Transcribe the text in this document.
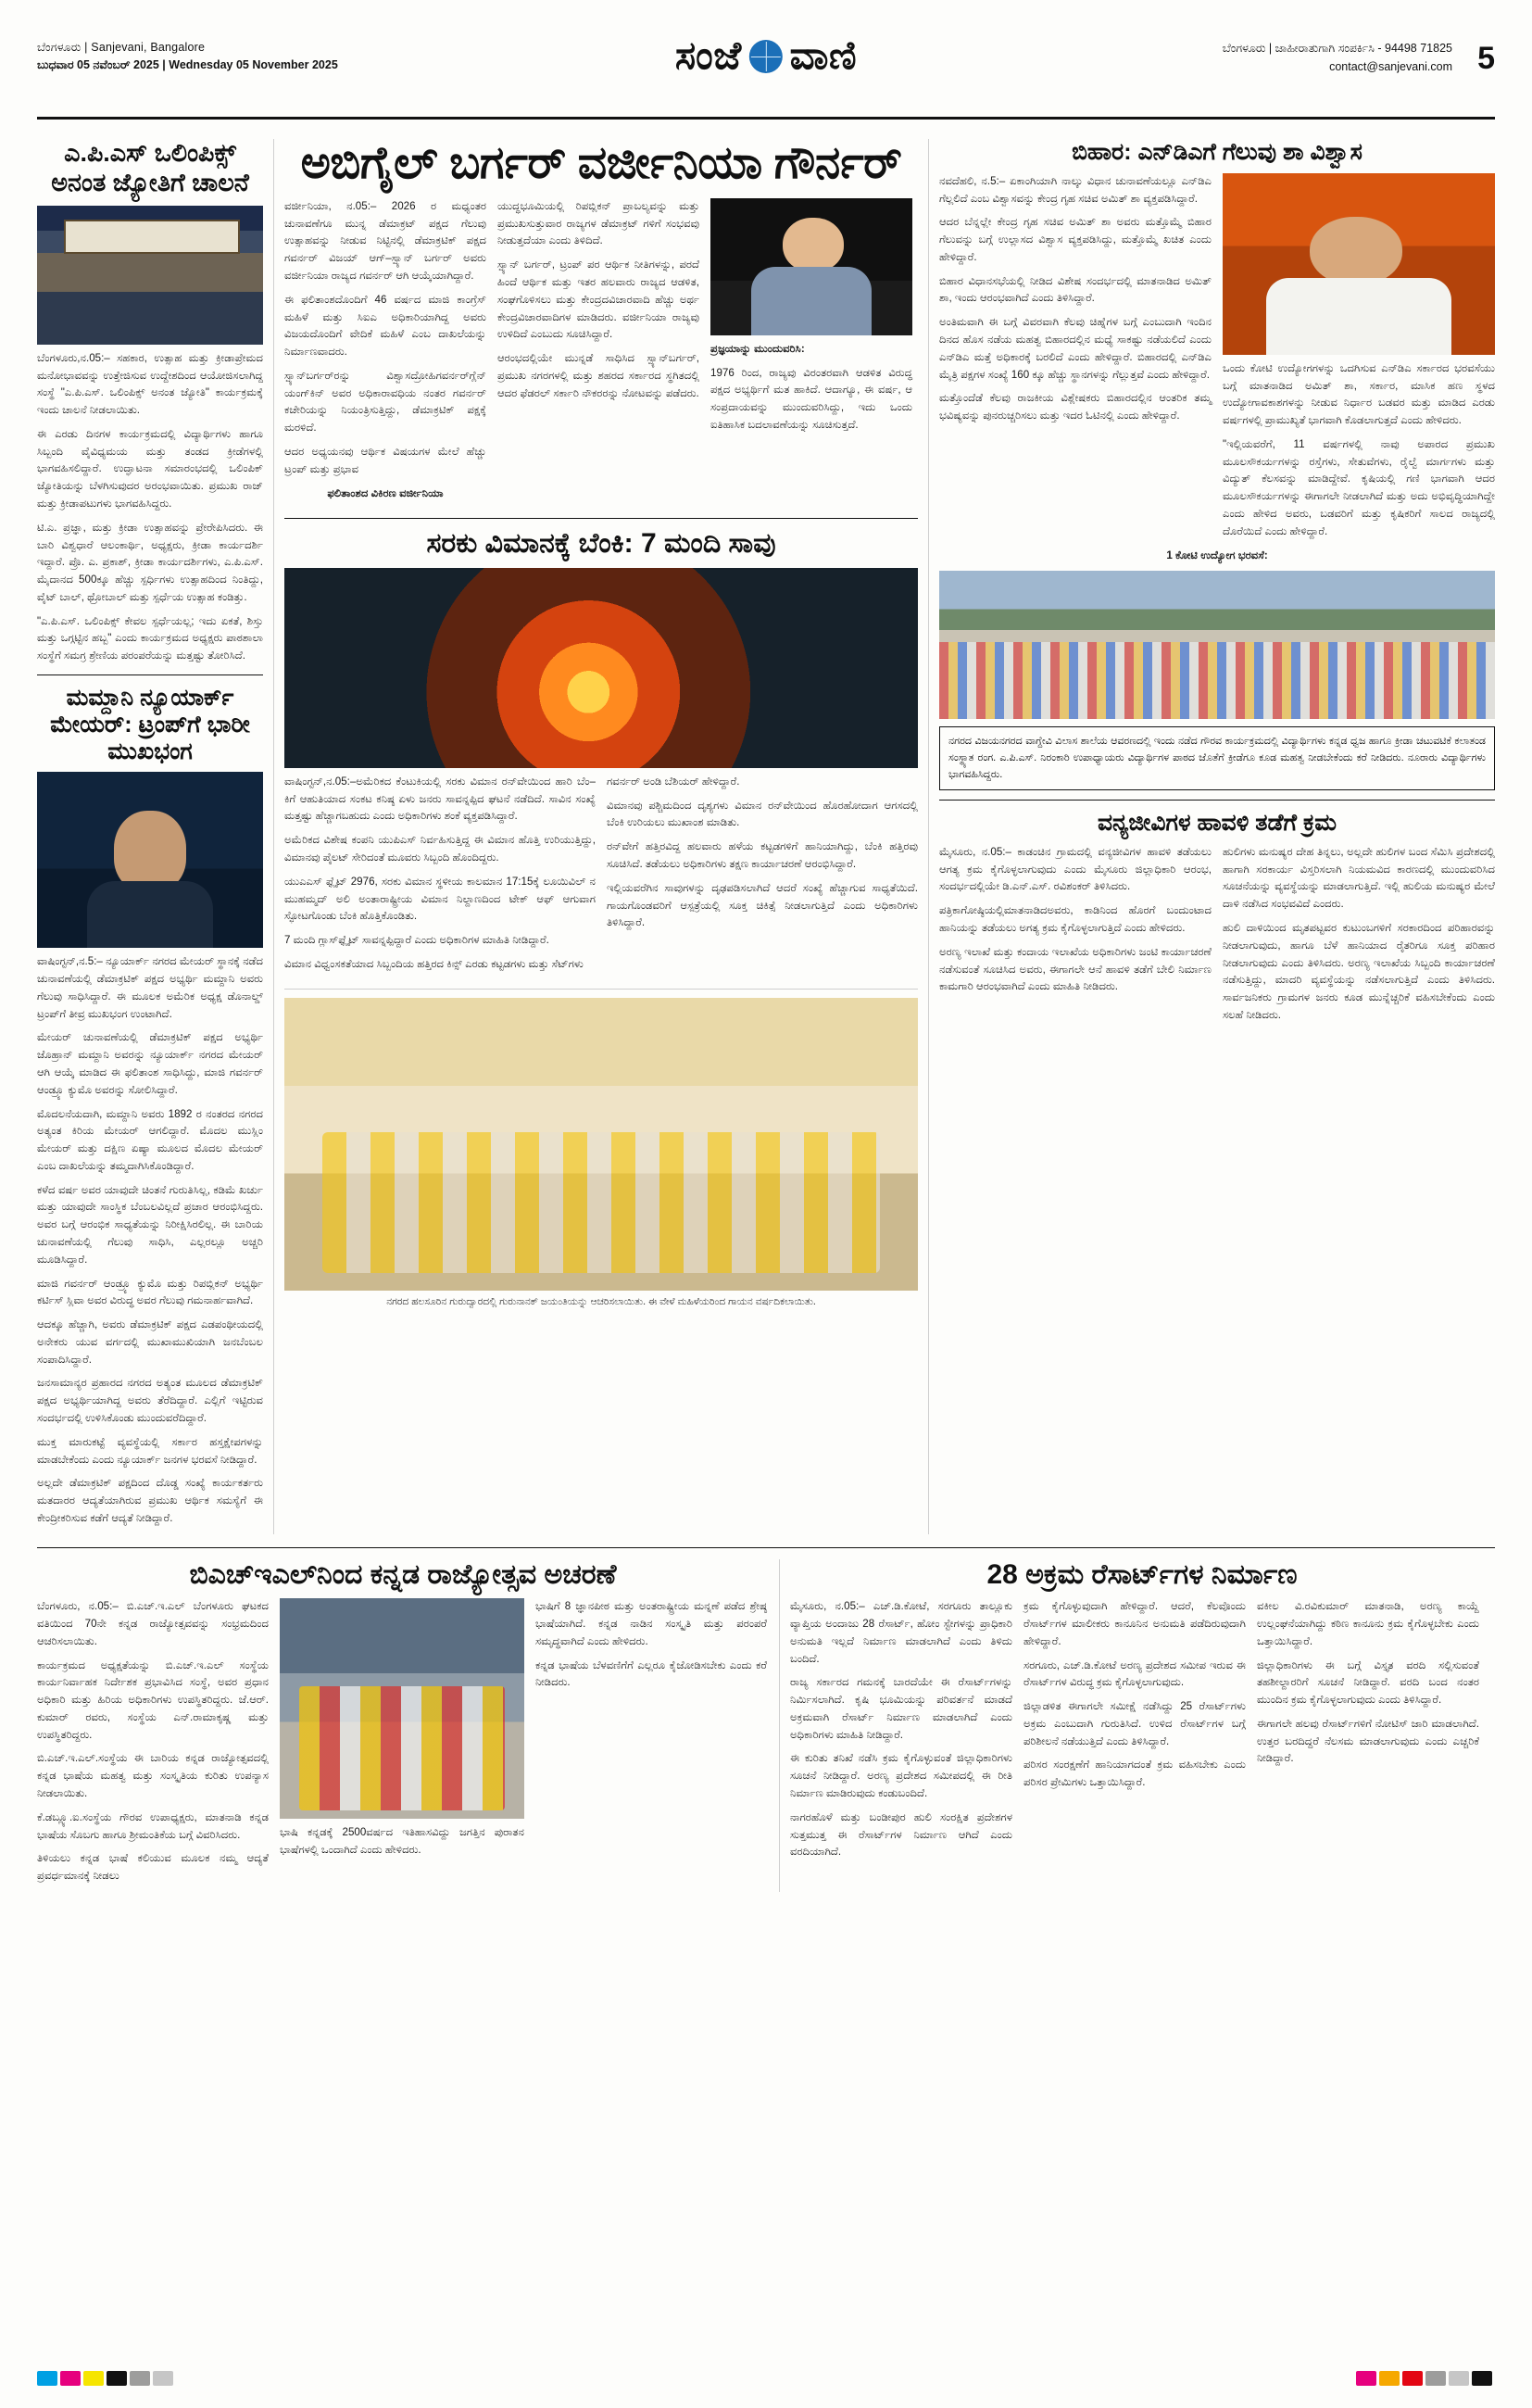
ಬೆಂಗಳೂರು | Sanjevani, Bangalore
ಬುಧವಾರ 05 ನವೆಂಬರ್ 2025 | Wednesday 05 November 2025	ಸಂಜೆ ವಾಣಿ	ಬೆಂಗಳೂರು | ಜಾಹೀರಾತುಗಾಗಿ ಸಂಪರ್ಕಿಸಿ - 94498 71825
contact@sanjevani.com 5
ಎ.ಪಿ.ಎಸ್ ಒಲಿಂಪಿಕ್ಸ್ ಅನಂತ ಜ್ಯೋತಿಗೆ ಚಾಲನೆ

ಬೆಂಗಳೂರು,ನ.05:– ಸಹಕಾರ, ಉತ್ಸಾಹ ಮತ್ತು ಕ್ರೀಡಾಪ್ರೇಮದ ಮನೋಭಾವವನ್ನು ಉತ್ತೇಜಿಸುವ ಉದ್ದೇಶದಿಂದ ಆಯೋಜಿಸಲಾಗಿದ್ದ ಸಂಸ್ಥೆ "ಎ.ಪಿ.ಎಸ್. ಒಲಿಂಪಿಕ್ಸ್ ಅನಂತ ಜ್ಯೋತಿ" ಕಾರ್ಯಕ್ರಮಕ್ಕೆ ಇಂದು ಚಾಲನೆ ನೀಡಲಾಯಿತು.

ಈ ಎರಡು ದಿನಗಳ ಕಾರ್ಯಕ್ರಮದಲ್ಲಿ ವಿದ್ಯಾರ್ಥಿಗಳು ಹಾಗೂ ಸಿಬ್ಬಂದಿ ವೈವಿಧ್ಯಮಯ ಮತ್ತು ತಂಡದ ಕ್ರೀಡೆಗಳಲ್ಲಿ ಭಾಗವಹಿಸಲಿದ್ದಾರೆ. ಉದ್ಘಾಟನಾ ಸಮಾರಂಭದಲ್ಲಿ ಒಲಿಂಪಿಕ್ ಜ್ಯೋತಿಯನ್ನು ಬೆಳಗಿಸುವುದರ ಅರಂಭವಾಯಿತು. ಪ್ರಮುಖ ರಾಜ್ ಮತ್ತು ಕ್ರೀಡಾಪಟುಗಳು ಭಾಗವಹಿಸಿದ್ದರು.

ಟಿ.ಎ. ಪ್ರಜ್ಞಾ, ಮತ್ತು ಕ್ರೀಡಾ ಉತ್ಸಾಹವನ್ನು ಪ್ರೇರೇಪಿಸಿದರು. ಈ ಬಾರಿ ವಿಶ್ವಧಾರೆ ಆಲಂಕಾರ್ಥಿ, ಅಧ್ಯಕ್ಷರು, ಕ್ರೀಡಾ ಕಾರ್ಯದರ್ಶಿ ಇದ್ದಾರೆ. ಪ್ರೊ. ಎ. ಪ್ರಕಾಶ್, ಕ್ರೀಡಾ ಕಾರ್ಯದರ್ಶಿಗಳು, ಎ.ಪಿ.ಎಸ್. ಮೈದಾನದ 500ಕ್ಕೂ ಹೆಚ್ಚು ಸ್ಪರ್ಧಿಗಳು ಉತ್ಸಾಹದಿಂದ ನಿಂತಿದ್ದು, ವೈಟ್ ಬಾಲ್, ಥ್ರೋಬಾಲ್ ಮತ್ತು ಸ್ಪರ್ಧೆಯ ಉತ್ಸಾಹ ಕಂಡಿತ್ತು.

"ಎ.ಪಿ.ಎಸ್. ಒಲಿಂಪಿಕ್ಸ್ ಕೇವಲ ಸ್ಪರ್ಧೆಯಲ್ಲ; ಇದು ಏಕತೆ, ಶಿಸ್ತು ಮತ್ತು ಒಗ್ಗಟ್ಟಿನ ಹಬ್ಬ" ಎಂದು ಕಾರ್ಯಕ್ರಮದ ಅಧ್ಯಕ್ಷರು ಪಾಠಶಾಲಾ ಸಂಸ್ಥೆಗೆ ಸಮಗ್ರ ಶ್ರೇಣಿಯ ಪರಂಪರೆಯನ್ನು ಮತ್ತಷ್ಟು ತೋರಿಸಿದೆ.

ಮಮ್ದಾನಿ ನ್ಯೂಯಾರ್ಕ್ ಮೇಯರ್: ಟ್ರಂಪ್‌ಗೆ ಭಾರೀ ಮುಖಭಂಗ

ವಾಷಿಂಗ್ಟನ್,ನ.5:– ನ್ಯೂಯಾರ್ಕ್ ನಗರದ ಮೇಯರ್ ಸ್ಥಾನಕ್ಕೆ ನಡೆದ ಚುನಾವಣೆಯಲ್ಲಿ ಡೆಮಾಕ್ರಟಿಕ್ ಪಕ್ಷದ ಅಭ್ಯರ್ಥಿ ಮಮ್ದಾನಿ ಅವರು ಗೆಲುವು ಸಾಧಿಸಿದ್ದಾರೆ. ಈ ಮೂಲಕ ಅಮೆರಿಕ ಅಧ್ಯಕ್ಷ ಡೊನಾಲ್ಡ್ ಟ್ರಂಪ್‌ಗೆ ತೀವ್ರ ಮುಖಭಂಗ ಉಂಟಾಗಿದೆ.

ಮೇಯರ್ ಚುನಾವಣೆಯಲ್ಲಿ ಡೆಮಾಕ್ರಟಿಕ್ ಪಕ್ಷದ ಅಭ್ಯರ್ಥಿ ಜೊಹ್ರಾನ್ ಮಮ್ದಾನಿ ಅವರನ್ನು ನ್ಯೂಯಾರ್ಕ್ ನಗರದ ಮೇಯರ್ ಆಗಿ ಆಯ್ಕೆ ಮಾಡಿದ ಈ ಫಲಿತಾಂಶ ಸಾಧಿಸಿದ್ದು, ಮಾಜಿ ಗವರ್ನರ್ ಆಂಡ್ರ್ಯೂ ಕ್ಯುಮೊ ಅವರನ್ನು ಸೋಲಿಸಿದ್ದಾರೆ.

ಮೊದಲನೆಯದಾಗಿ, ಮಮ್ದಾನಿ ಅವರು 1892 ರ ನಂತರದ ನಗರದ ಅತ್ಯಂತ ಕಿರಿಯ ಮೇಯರ್ ಆಗಲಿದ್ದಾರೆ. ಮೊದಲ ಮುಸ್ಲಿಂ ಮೇಯರ್ ಮತ್ತು ದಕ್ಷಿಣ ಏಷ್ಯಾ ಮೂಲದ ಮೊದಲ ಮೇಯರ್ ಎಂಬ ದಾಖಲೆಯನ್ನು ತಮ್ಮದಾಗಿಸಿಕೊಂಡಿದ್ದಾರೆ.

ಕಳೆದ ವರ್ಷ ಅವರ ಯಾವುದೇ ಚಿಂತನೆ ಗುರುತಿಸಿಲ್ಲ, ಕಡಿಮೆ ಖರ್ಚು ಮತ್ತು ಯಾವುದೇ ಸಾಂಸ್ಥಿಕ ಬೆಂಬಲವಿಲ್ಲದೆ ಪ್ರಚಾರ ಆರಂಭಿಸಿದ್ದರು. ಅವರ ಬಗ್ಗೆ ಆರಂಭಿಕ ಸಾಧ್ಯತೆಯನ್ನು ನಿರೀಕ್ಷಿಸಿರಲಿಲ್ಲ. ಈ ಬಾರಿಯ ಚುನಾವಣೆಯಲ್ಲಿ ಗೆಲುವು ಸಾಧಿಸಿ, ಎಲ್ಲರಲ್ಲೂ ಅಚ್ಚರಿ ಮೂಡಿಸಿದ್ದಾರೆ.

ಮಾಜಿ ಗವರ್ನರ್ ಆಂಡ್ರ್ಯೂ ಕ್ಯುಮೊ ಮತ್ತು ರಿಪಬ್ಲಿಕನ್ ಅಭ್ಯರ್ಥಿ ಕರ್ಟಿಸ್ ಸ್ಲಿವಾ ಅವರ ವಿರುದ್ಧ ಅವರ ಗೆಲುವು ಗಮನಾರ್ಹವಾಗಿದೆ.

ಆದಕ್ಕೂ ಹೆಚ್ಚಾಗಿ, ಅವರು ಡೆಮಾಕ್ರಟಿಕ್ ಪಕ್ಷದ ಎಡಪಂಥೀಯದಲ್ಲಿ ಅನೇಕರು ಯುವ ವರ್ಗದಲ್ಲಿ ಮುಖಾಮುಖಿಯಾಗಿ ಜನಬೆಂಬಲ ಸಂಪಾದಿಸಿದ್ದಾರೆ.

ಜನಸಾಮಾನ್ಯರ ಪ್ರಹಾರದ ನಗರದ ಅತ್ಯಂತ ಮೂಲದ ಡೆಮಾಕ್ರಟಿಕ್ ಪಕ್ಷದ ಅಭ್ಯರ್ಥಿಯಾಗಿದ್ದ ಅವರು ತೆರೆದಿದ್ದಾರೆ. ಎಲ್ಲಿಗೆ ಇಟ್ಟಿರುವ ಸಂದರ್ಭದಲ್ಲಿ ಉಳಿಸಿಕೊಂಡು ಮುಂದುವರೆದಿದ್ದಾರೆ.

ಮುಕ್ತ ಮಾರುಕಟ್ಟೆ ವ್ಯವಸ್ಥೆಯಲ್ಲಿ ಸರ್ಕಾರ ಹಸ್ತಕ್ಷೇಪಗಳನ್ನು ಮಾಡಬೇಕೆಂದು ಎಂದು ನ್ಯೂಯಾರ್ಕ್ ಜನಗಳ ಭರವಸೆ ನೀಡಿದ್ದಾರೆ.

ಅಲ್ಲದೇ ಡೆಮಾಕ್ರಟಿಕ್ ಪಕ್ಷದಿಂದ ದೊಡ್ಡ ಸಂಖ್ಯೆ ಕಾರ್ಯಕರ್ತರು ಮತದಾರರ ಆದ್ಯತೆಯಾಗಿರುವ ಪ್ರಮುಖ ಆರ್ಥಿಕ ಸಮಸ್ಯೆಗೆ ಈ ಕೇಂದ್ರೀಕರಿಸುವ ಕಡೆಗೆ ಆದ್ಯತೆ ನೀಡಿದ್ದಾರೆ.

ಅಬಿಗೈಲ್ ಬರ್ಗರ್ ವರ್ಜೀನಿಯಾ ಗೌರ್ನರ್

ವರ್ಜೀನಿಯಾ, ನ.05:– 2026 ರ ಮಧ್ಯಂತರ ಚುನಾವಣೆಗೂ ಮುನ್ನ ಡೆಮಾಕ್ರಟ್ ಪಕ್ಷದ ಗೆಲುವು ಉತ್ಸಾಹವನ್ನು ನೀಡುವ ನಿಟ್ಟಿನಲ್ಲಿ ಡೆಮಾಕ್ರಟಿಕ್ ಪಕ್ಷದ ಗವರ್ನರ್ ವಿಜಯ್ ಆಗ್–ಸ್ಪ್ಯಾನ್ ಬರ್ಗರ್ ಅವರು ವರ್ಜೀನಿಯಾ ರಾಜ್ಯದ ಗವರ್ನರ್ ಆಗಿ ಆಯ್ಕೆಯಾಗಿದ್ದಾರೆ.

ಈ ಫಲಿತಾಂಶದೊಂದಿಗೆ 46 ವರ್ಷದ ಮಾಜಿ ಕಾಂಗ್ರೆಸ್ ಮಹಿಳೆ ಮತ್ತು ಸಿಐಎ ಅಧಿಕಾರಿಯಾಗಿದ್ದ ಅವರು ವಿಜಯದೊಂದಿಗೆ ವೇದಿಕೆ ಮಹಿಳೆ ಎಂಬ ದಾಖಲೆಯನ್ನು ನಿರ್ಮಾಣವಾದರು.

ಸ್ಪ್ಯಾನ್‌ಬರ್ಗರ್‌ರನ್ನು ವಿಶ್ವಾಸದ್ರೋಹಿಗವರ್ನರ್‌ಗ್ಲೆನ್ ಯಂಗ್‌ಕಿನ್ ಅವರ ಅಧಿಕಾರಾವಧಿಯ ನಂತರ ಗವರ್ನರ್ ಕಚೇರಿಯನ್ನು ನಿಯಂತ್ರಿಸುತ್ತಿದ್ದು, ಡೆಮಾಕ್ರಟಿಕ್ ಪಕ್ಷಕ್ಕೆ ಮರಳಿದೆ.

ಆದರ ಅಧ್ಯಯನವು ಆರ್ಥಿಕ ವಿಷಯಗಳ ಮೇಲೆ ಹೆಚ್ಚು ಟ್ರಂಪ್ ಮತ್ತು ಪ್ರಭಾವ

ಫಲಿತಾಂಶದ ವಿಕಿರಣ ವರ್ಜೀನಿಯಾ

ಯುದ್ಧಭೂಮಿಯಲ್ಲಿ ರಿಪಬ್ಲಿಕನ್ ಪ್ರಾಬಲ್ಯವನ್ನು ಮತ್ತು ಪ್ರಮುಖಸುತ್ತುವಾರ ರಾಜ್ಯಗಳ ಡೆಮಾಕ್ರಟ್ ಗಳಿಗೆ ಸಂಭವವು ನೀಡುತ್ತದೆಯಾ ಎಂದು ತಿಳಿದಿದೆ.

ಸ್ಪ್ಯಾನ್ ಬರ್ಗರ್, ಟ್ರಂಪ್ ಪರ ಆರ್ಥಿಕ ನೀತಿಗಳನ್ನು, ಪರದೆ ಹಿಂದೆ ಆರ್ಥಿಕ ಮತ್ತು ಇತರ ಹಲವಾರು ರಾಜ್ಯದ ಆಡಳಿತ, ಸಂಘಗೊಳಿಸಲು ಮತ್ತು ಕೇಂದ್ರದವಿಚಾರವಾದಿ ಹೆಚ್ಚು ಅರ್ಥ ಕೇಂದ್ರವಿಚಾರವಾದಿಗಳ ಮಾಡಿದರು. ವರ್ಜೀನಿಯಾ ರಾಜ್ಯವು ಉಳಿದಿದೆ ಎಂಬುದು ಸೂಚಿಸಿದ್ದಾರೆ.

ಆರಂಭದಲ್ಲಿಯೇ ಮುನ್ನಡೆ ಸಾಧಿಸಿದ ಸ್ಪ್ಯಾನ್‌ಬರ್ಗರ್, ಪ್ರಮುಖ ನಗರಗಳಲ್ಲಿ ಮತ್ತು ಶಹರದ ಸರ್ಕಾರದ ಸ್ಥಗಿತದಲ್ಲಿ ಆದರ ಫೆಡರಲ್ ಸರ್ಕಾರಿ ನೌಕರರನ್ನು ನೋಟವನ್ನು ಪಡೆದರು.

ಪ್ರಜ್ಞಯಾನ್ನು ಮುಂದುವರಿಸಿ:

1976 ರಿಂದ, ರಾಜ್ಯವು ವಿರಂತರವಾಗಿ ಆಡಳಿತ ವಿರುದ್ಧ ಪಕ್ಷದ ಅಭ್ಯರ್ಥಿಗೆ ಮತ ಹಾಕಿದೆ. ಆದಾಗ್ಯೂ, ಈ ವರ್ಷ, ಆ ಸಂಪ್ರದಾಯವನ್ನು ಮುಂದುವರಿಸಿದ್ದು, ಇದು ಒಂದು ಐತಿಹಾಸಿಕ ಬದಲಾವಣೆಯನ್ನು ಸೂಚಿಸುತ್ತದೆ.

ಸರಕು ವಿಮಾನಕ್ಕೆ ಬೆಂಕಿ: 7 ಮಂದಿ ಸಾವು

ವಾಷಿಂಗ್ಟನ್,ನ.05:–ಅಮೆರಿಕದ ಕೆಂಟುಕಿಯಲ್ಲಿ ಸರಕು ವಿಮಾನ ರನ್‌ವೇಯಿಂದ ಹಾರಿ ಬೆಂ– ಕಿಗೆ ಆಹುತಿಯಾದ ಸಂಕಟ ಕನಿಷ್ಠ ಏಳು ಜನರು ಸಾವನ್ನಪ್ಪಿದ ಘಟನೆ ನಡೆದಿದೆ. ಸಾವಿನ ಸಂಖ್ಯೆ ಮತ್ತಷ್ಟು ಹೆಚ್ಚಾಗಬಹುದು ಎಂದು ಅಧಿಕಾರಿಗಳು ಶಂಕೆ ವ್ಯಕ್ತಪಡಿಸಿದ್ದಾರೆ.

ಅಮೆರಿಕದ ವಿಶೇಷ ಕಂಪನಿ ಯುಪಿಎಸ್ ನಿರ್ವಹಿಸುತ್ತಿದ್ದ ಈ ವಿಮಾನ ಹೊತ್ತಿ ಉರಿಯುತ್ತಿದ್ದು, ವಿಮಾನವು ಪೈಲಟ್ ಸೇರಿದಂತೆ ಮೂವರು ಸಿಬ್ಬಂದಿ ಹೊಂದಿದ್ದರು.

ಯುಎಎಸ್ ಫ್ಲೈಟ್ 2976, ಸರಕು ವಿಮಾನ ಸ್ಥಳೀಯ ಕಾಲಮಾನ 17:15ಕ್ಕೆ ಲೂಯಿವಿಲ್ ನ ಮುಹಮ್ಮದ್ ಅಲಿ ಅಂತಾರಾಷ್ಟ್ರೀಯ ವಿಮಾನ ನಿಲ್ದಾಣದಿಂದ ಟೇಕ್ ಆಫ್ ಆಗುವಾಗ ಸ್ಫೋಟಗೊಂಡು ಬೆಂಕಿ ಹೊತ್ತಿಕೊಂಡಿತು.

7 ಮಂದಿ ಗ್ಲಾಸ್‌ಫ್ಲೈಟ್ ಸಾವನ್ನಪ್ಪಿದ್ದಾರೆ ಎಂದು ಅಧಿಕಾರಿಗಳ ಮಾಹಿತಿ ನೀಡಿದ್ದಾರೆ.

ವಿಮಾನ ವಿಧ್ವಂಸಕತೆಯಾದ ಸಿಬ್ಬಂದಿಯ ಹತ್ತಿರದ ಕಿನ್ಸ್ ಎರಡು ಕಟ್ಟಡಗಳು ಮತ್ತು ಸೆಟ್‌ಗಳು

ಗವರ್ನರ್ ಅಂಡಿ ಬೆಶಿಯರ್ ಹೇಳಿದ್ದಾರೆ.

ವಿಮಾನವು ಪಶ್ಚಿಮದಿಂದ ದೃಶ್ಯಗಳು ವಿಮಾನ ರನ್‌ವೇಯಿಂದ ಹೊರಹೋದಾಗ ಆಗಸದಲ್ಲಿ ಬೆಂಕಿ ಉರಿಯಲು ಮುಖಾಂಶ ಮಾಡಿತು.

ರನ್‌ವೇಗೆ ಹತ್ತಿರವಿದ್ದ ಹಲವಾರು ಹಳೆಯ ಕಟ್ಟಡಗಳಿಗೆ ಹಾನಿಯಾಗಿದ್ದು, ಬೆಂಕಿ ಹತ್ತಿರವು ಸೂಚಿಸಿದೆ. ತಡೆಯಲು ಅಧಿಕಾರಿಗಳು ತಕ್ಷಣ ಕಾರ್ಯಾಚರಣೆ ಆರಂಭಿಸಿದ್ದಾರೆ.

ಇಲ್ಲಿಯವರೆಗಿನ ಸಾವುಗಳನ್ನು ದೃಢಪಡಿಸಲಾಗಿದೆ ಆದರೆ ಸಂಖ್ಯೆ ಹೆಚ್ಚಾಗುವ ಸಾಧ್ಯತೆಯಿದೆ. ಗಾಯಗೊಂಡವರಿಗೆ ಆಸ್ಪತ್ರೆಯಲ್ಲಿ ಸೂಕ್ತ ಚಿಕಿತ್ಸೆ ನೀಡಲಾಗುತ್ತಿದೆ ಎಂದು ಅಧಿಕಾರಿಗಳು ತಿಳಿಸಿದ್ದಾರೆ.

ನಗರದ ಹಲಸೂರಿನ ಗುರುದ್ವಾರದಲ್ಲಿ ಗುರುನಾನಕ್ ಜಯಂತಿಯನ್ನು ಆಚರಿಸಲಾಯಿತು. ಈ ವೇಳೆ ಮಹಿಳೆಯರಿಂದ ಗಾಯನ ವರ್ಷದಿಕಲಾಯಿತು.
ಬಿಹಾರ: ಎನ್‌ಡಿಎಗೆ ಗೆಲುವು ಶಾ ವಿಶ್ವಾಸ

ನವದೆಹಲಿ, ನ.5:– ಏಕಾಂಗಿಯಾಗಿ ನಾಲ್ಕು ವಿಧಾನ ಚುನಾವಣೆಯಲ್ಲೂ ಎನ್‌ಡಿಎ ಗೆಲ್ಲಲಿದೆ ಎಂಬ ವಿಶ್ವಾಸವನ್ನು ಕೇಂದ್ರ ಗೃಹ ಸಚಿವ ಅಮಿತ್ ಶಾ ವ್ಯಕ್ತಪಡಿಸಿದ್ದಾರೆ.

ಆದರ ಬೆನ್ನಲ್ಲೇ ಕೇಂದ್ರ ಗೃಹ ಸಚಿವ ಅಮಿತ್ ಶಾ ಅವರು ಮತ್ತೊಮ್ಮೆ ಬಿಹಾರ ಗೆಲುವನ್ನು ಬಗ್ಗೆ ಉಲ್ಲಾಸದ ವಿಶ್ವಾಸ ವ್ಯಕ್ತಪಡಿಸಿದ್ದು, ಮತ್ತೊಮ್ಮೆ ಖಚಿತ ಎಂದು ಹೇಳಿದ್ದಾರೆ.

ಬಿಹಾರ ವಿಧಾನಸಭೆಯಲ್ಲಿ ನೀಡಿದ ವಿಶೇಷ ಸಂದರ್ಭದಲ್ಲಿ ಮಾತನಾಡಿದ ಅಮಿತ್ ಶಾ, ಇಂದು ಆರಂಭವಾಗಿದೆ ಎಂದು ತಿಳಿಸಿದ್ದಾರೆ.

ಅಂತಿಮವಾಗಿ ಈ ಬಗ್ಗೆ ವಿವರವಾಗಿ ಕೆಲವು ಚಿಹ್ನೆಗಳ ಬಗ್ಗೆ ಎಂಬುದಾಗಿ ಇಂದಿನ ದಿನದ ಹೊಸ ನಡೆಯ ಮಹತ್ವ ಬಿಹಾರದಲ್ಲಿನ ಮಧ್ಯೆ ಸಾಕಷ್ಟು ನಡೆಯಲಿದೆ ಎಂದು ಎನ್‌ಡಿಎ ಮತ್ತೆ ಅಧಿಕಾರಕ್ಕೆ ಬರಲಿದೆ ಎಂದು ಹೇಳಿದ್ದಾರೆ. ಬಿಹಾರದಲ್ಲಿ ಎನ್‌ಡಿಎ ಮೈತ್ರಿ ಪಕ್ಷಗಳ ಸಂಖ್ಯೆ 160 ಕ್ಕೂ ಹೆಚ್ಚು ಸ್ಥಾನಗಳನ್ನು ಗೆಲ್ಲುತ್ತವೆ ಎಂದು ಹೇಳಿದ್ದಾರೆ.

ಮತ್ತೊಂದೆಡೆ ಕೆಲವು ರಾಜಕೀಯ ವಿಶ್ಲೇಷಕರು ಬಿಹಾರದಲ್ಲಿನ ಆಂತರಿಕ ತಮ್ಮ ಭವಿಷ್ಯವನ್ನು ಪುನರುಚ್ಚರಿಸಲು ಮತ್ತು ಇದರ ಓಟಿನಲ್ಲಿ ಎಂದು ಹೇಳಿದ್ದಾರೆ.

ಒಂದು ಕೋಟಿ ಉದ್ಯೋಗಗಳನ್ನು ಒದಗಿಸುವ ಎನ್‌ಡಿಎ ಸರ್ಕಾರದ ಭರವಸೆಯು ಬಗ್ಗೆ ಮಾತನಾಡಿದ ಅಮಿತ್ ಶಾ, ಸರ್ಕಾರ, ಮಾಸಿಕ ಹಣ ಸ್ಥಳದ ಉದ್ಯೋಗಾವಕಾಶಗಳನ್ನು ನೀಡುವ ನಿರ್ಧಾರ ಬಡವರ ಮತ್ತು ಮಾಡಿದ ಎರಡು ವರ್ಷಗಳಲ್ಲಿ ಪ್ರಾಮುಖ್ಯತೆ ಭಾಗವಾಗಿ ಕೊಡಲಾಗುತ್ತದೆ ಎಂದು ಹೇಳಿದರು.

"ಇಲ್ಲಿಯವರೆಗೆ, 11 ವರ್ಷಗಳಲ್ಲಿ ನಾವು ಅಪಾರದ ಪ್ರಮುಖ ಮೂಲಸೌಕರ್ಯಗಳನ್ನು ರಸ್ತೆಗಳು, ಸೇತುವೆಗಳು, ರೈಲ್ವೆ ಮಾರ್ಗಗಳು ಮತ್ತು ವಿದ್ಯುತ್ ಕೆಲಸವನ್ನು ಮಾಡಿದ್ದೇವೆ. ಕೃಷಿಯಲ್ಲಿ ಗಣಿ ಭಾಗವಾಗಿ ಆದರ ಮೂಲಸೌಕರ್ಯಗಳನ್ನು ಈಗಾಗಲೇ ನೀಡಲಾಗಿದೆ ಮತ್ತು ಅದು ಅಭಿವೃದ್ಧಿಯಾಗಿದ್ದೇ ಎಂದು ಹೇಳಿದ ಅವರು, ಬಡವರಿಗೆ ಮತ್ತು ಕೃಷಿಕರಿಗೆ ಸಾಲದ ರಾಜ್ಯದಲ್ಲಿ ದೊರೆಯಿದೆ ಎಂದು ಹೇಳಿದ್ದಾರೆ.

1 ಕೋಟಿ ಉದ್ಯೋಗ ಭರವಸೆ:

ನಗರದ ವಿಜಯನಗರದ ವಾಗ್ದೇವಿ ವಿಲಾಸ ಶಾಲೆಯ ಆವರಣದಲ್ಲಿ ಇಂದು ನಡೆದ ಗೌರವ ಕಾರ್ಯಕ್ರಮದಲ್ಲಿ ವಿದ್ಯಾರ್ಥಿಗಳು ಕನ್ನಡ ಧ್ವಜ ಹಾಗೂ ಕ್ರೀಡಾ ಚಟುವಟಿಕೆ ಕಲಾತಂಡ ಸಂಸ್ಥ್ಯಾತ ರಂಗ. ಎ.ಪಿ.ಎಸ್. ನಿರಂಕಾರಿ ಉಪಾಧ್ಯಾಯರು ವಿದ್ಯಾರ್ಥಿಗಳ ಪಾಠದ ಜೊತೆಗೆ ಕ್ರೀಡೆಗೂ ಕೂಡ ಮಹತ್ವ ನೀಡಬೇಕೆಂದು ಕರೆ ನೀಡಿದರು. ನೂರಾರು ವಿದ್ಯಾರ್ಥಿಗಳು ಭಾಗವಹಿಸಿದ್ದರು.
ವನ್ಯಜೀವಿಗಳ ಹಾವಳಿ ತಡೆಗೆ ಕ್ರಮ

ಮೈಸೂರು, ನ.05:– ಕಾಡಂಚಿನ ಗ್ರಾಮದಲ್ಲಿ ವನ್ಯಜೀವಿಗಳ ಹಾವಳಿ ತಡೆಯಲು ಆಗತ್ಯ ಕ್ರಮ ಕೈಗೊಳ್ಳಲಾಗುವುದು ಎಂದು ಮೈಸೂರು ಜಿಲ್ಲಾಧಿಕಾರಿ ಆರಂಭ, ಸಂದರ್ಭದಲ್ಲಿಯೇ ಡಿ.ಎನ್.ಎಸ್. ರವಿಶಂಕರ್ ತಿಳಿಸಿದರು.

ಪತ್ರಿಕಾಗೋಷ್ಠಿಯಲ್ಲಿಮಾತನಾಡಿದಅವರು, ಕಾಡಿನಿಂದ ಹೊರಗೆ ಬಂದುಂಟಾದ ಹಾನಿಯನ್ನು ತಡೆಯಲು ಅಗತ್ಯ ಕ್ರಮ ಕೈಗೊಳ್ಳಲಾಗುತ್ತಿದೆ ಎಂದು ಹೇಳಿದರು.

ಅರಣ್ಯ ಇಲಾಖೆ ಮತ್ತು ಕಂದಾಯ ಇಲಾಖೆಯ ಅಧಿಕಾರಿಗಳು ಜಂಟಿ ಕಾರ್ಯಾಚರಣೆ ನಡೆಸುವಂತೆ ಸೂಚಿಸಿದ ಅವರು, ಈಗಾಗಲೇ ಆನೆ ಹಾವಳಿ ತಡೆಗೆ ಬೇಲಿ ನಿರ್ಮಾಣ ಕಾಮಗಾರಿ ಆರಂಭವಾಗಿದೆ ಎಂದು ಮಾಹಿತಿ ನೀಡಿದರು.

ಹುಲಿಗಳು ಮನುಷ್ಯರ ದೇಹ ತಿನ್ನಲು, ಅಲ್ಲದೇ ಹುಲಿಗಳ ಬಂದ ಸೆಮಿಸಿ ಪ್ರದೇಶದಲ್ಲಿ ಹಾಗಾಗಿ ಸರಕಾರ್ಯ ವಿಸ್ತರಿಸಲಾಗಿ ನಿಯಮವಿದ ಕಾರಣದಲ್ಲಿ ಮುಂದುವರಿಸಿದ ಸೂಚನೆಯನ್ನು ವ್ಯವಸ್ಥೆಯನ್ನು ಮಾಡಲಾಗುತ್ತಿದೆ. ಇಲ್ಲಿ ಹುಲಿಯ ಮನುಷ್ಯರ ಮೇಲೆ ದಾಳಿ ನಡೆಸಿದ ಸಂಭವವಿದೆ ಎಂದರು.

ಹುಲಿ ದಾಳಿಯಿಂದ ಮೃತಪಟ್ಟವರ ಕುಟುಂಬಗಳಿಗೆ ಸರಕಾರದಿಂದ ಪರಿಹಾರವನ್ನು ನೀಡಲಾಗುವುದು, ಹಾಗೂ ಬೆಳೆ ಹಾನಿಯಾದ ರೈತರಿಗೂ ಸೂಕ್ತ ಪರಿಹಾರ ನೀಡಲಾಗುವುದು ಎಂದು ತಿಳಿಸಿದರು. ಅರಣ್ಯ ಇಲಾಖೆಯ ಸಿಬ್ಬಂದಿ ಕಾರ್ಯಾಚರಣೆ ನಡೆಸುತ್ತಿದ್ದು, ಮಾದರಿ ವ್ಯವಸ್ಥೆಯನ್ನು ನಡೆಸಲಾಗುತ್ತಿದೆ ಎಂದು ತಿಳಿಸಿದರು. ಸಾರ್ವಜನಿಕರು ಗ್ರಾಮಗಳ ಜನರು ಕೂಡ ಮುನ್ನೆಚ್ಚರಿಕೆ ವಹಿಸಬೇಕೆಂದು ಎಂದು ಸಲಹೆ ನೀಡಿದರು.

ಬಿಎಚ್‌ಇಎಲ್‌ನಿಂದ ಕನ್ನಡ ರಾಜ್ಯೋತ್ಸವ ಅಚರಣೆ

ಬೆಂಗಳೂರು, ನ.05:– ಬಿ.ಎಚ್.ಇ.ಎಲ್ ಬೆಂಗಳೂರು ಘಟಕದ ವತಿಯಿಂದ 70ನೇ ಕನ್ನಡ ರಾಜ್ಯೋತ್ಸವವನ್ನು ಸಂಭ್ರಮದಿಂದ ಆಚರಿಸಲಾಯಿತು.

ಕಾರ್ಯಕ್ರಮದ ಅಧ್ಯಕ್ಷತೆಯನ್ನು ಬಿ.ಎಚ್.ಇ.ಎಲ್ ಸಂಸ್ಥೆಯ ಕಾರ್ಯನಿರ್ವಾಹಕ ನಿರ್ದೇಶಕ ಪ್ರಭಾವಿಸಿದ ಸಂಸ್ಥೆ, ಅವರ ಪ್ರಧಾನ ಅಧಿಕಾರಿ ಮತ್ತು ಹಿರಿಯ ಅಧಿಕಾರಿಗಳು ಉಪಸ್ಥಿತರಿದ್ದರು. ಜೆ.ಆರ್. ಕುಮಾರ್ ರವರು, ಸಂಸ್ಥೆಯ ಎನ್.ರಾಮಾಕೃಷ್ಣ ಮತ್ತು ಉಪಸ್ಥಿತರಿದ್ದರು.

ಬಿ.ಎಚ್.ಇ.ಎಲ್.ಸಂಸ್ಥೆಯ ಈ ಬಾರಿಯ ಕನ್ನಡ ರಾಜ್ಯೋತ್ಸವದಲ್ಲಿ ಕನ್ನಡ ಭಾಷೆಯ ಮಹತ್ವ ಮತ್ತು ಸಂಸ್ಕೃತಿಯ ಕುರಿತು ಉಪನ್ಯಾಸ ನೀಡಲಾಯಿತು.

ಕೆ.ಡಬ್ಲ್ಯೂ.ಐ.ಸಂಸ್ಥೆಯ ಗೌರವ ಉಪಾಧ್ಯಕ್ಷರು, ಮಾತನಾಡಿ ಕನ್ನಡ ಭಾಷೆಯ ಸೊಬಗು ಹಾಗೂ ಶ್ರೀಮಂತಿಕೆಯ ಬಗ್ಗೆ ವಿವರಿಸಿದರು.

ತಿಳಿಯಲು ಕನ್ನಡ ಭಾಷೆ ಕಲಿಯುವ ಮೂಲಕ ನಮ್ಮ ಆದ್ಯತೆ ಪ್ರವರ್ಧಮಾನಕ್ಕೆ ನೀಡಲು

ಭಾಷಿ ಕನ್ನಡಕ್ಕೆ 2500ವರ್ಷದ ಇತಿಹಾಸವಿದ್ದು ಜಗತ್ತಿನ ಪುರಾತನ ಭಾಷೆಗಳಲ್ಲಿ ಒಂದಾಗಿದೆ ಎಂದು ಹೇಳಿದರು.

ಭಾಷಿಗೆ 8 ಜ್ಞಾನಪೀಠ ಮತ್ತು ಅಂತರಾಷ್ಟ್ರೀಯ ಮನ್ನಣೆ ಪಡೆದ ಶ್ರೇಷ್ಠ ಭಾಷೆಯಾಗಿದೆ. ಕನ್ನಡ ನಾಡಿನ ಸಂಸ್ಕೃತಿ ಮತ್ತು ಪರಂಪರೆ ಸಮೃದ್ಧವಾಗಿದೆ ಎಂದು ಹೇಳಿದರು.

ಕನ್ನಡ ಭಾಷೆಯ ಬೆಳವಣಿಗೆಗೆ ಎಲ್ಲರೂ ಕೈಜೋಡಿಸಬೇಕು ಎಂದು ಕರೆ ನೀಡಿದರು.

28 ಅಕ್ರಮ ರೆಸಾರ್ಟ್‌ಗಳ ನಿರ್ಮಾಣ

ಮೈಸೂರು, ನ.05:– ಎಚ್.ಡಿ.ಕೋಟೆ, ಸರಗೂರು ತಾಲ್ಲೂಕು ವ್ಯಾಪ್ತಿಯ ಅಂದಾಜು 28 ರೆಸಾರ್ಟ್, ಹೋಂ ಸ್ಟೇಗಳನ್ನು ಪ್ರಾಧಿಕಾರಿ ಅನುಮತಿ ಇಲ್ಲದೆ ನಿರ್ಮಾಣ ಮಾಡಲಾಗಿದೆ ಎಂದು ತಿಳಿದು ಬಂದಿದೆ.

ರಾಜ್ಯ ಸರ್ಕಾರದ ಗಮನಕ್ಕೆ ಬಾರದೆಯೇ ಈ ರೆಸಾರ್ಟ್‌ಗಳನ್ನು ನಿರ್ಮಿಸಲಾಗಿದೆ. ಕೃಷಿ ಭೂಮಿಯನ್ನು ಪರಿವರ್ತನೆ ಮಾಡದೆ ಅಕ್ರಮವಾಗಿ ರೆಸಾರ್ಟ್ ನಿರ್ಮಾಣ ಮಾಡಲಾಗಿದೆ ಎಂದು ಅಧಿಕಾರಿಗಳು ಮಾಹಿತಿ ನೀಡಿದ್ದಾರೆ.

ಈ ಕುರಿತು ತನಿಖೆ ನಡೆಸಿ ಕ್ರಮ ಕೈಗೊಳ್ಳುವಂತೆ ಜಿಲ್ಲಾಧಿಕಾರಿಗಳು ಸೂಚನೆ ನೀಡಿದ್ದಾರೆ. ಅರಣ್ಯ ಪ್ರದೇಶದ ಸಮೀಪದಲ್ಲಿ ಈ ರೀತಿ ನಿರ್ಮಾಣ ಮಾಡಿರುವುದು ಕಂಡುಬಂದಿದೆ.

ನಾಗರಹೊಳೆ ಮತ್ತು ಬಂಡೀಪುರ ಹುಲಿ ಸಂರಕ್ಷಿತ ಪ್ರದೇಶಗಳ ಸುತ್ತಮುತ್ತ ಈ ರೆಸಾರ್ಟ್‌ಗಳ ನಿರ್ಮಾಣ ಆಗಿದೆ ಎಂದು ವರದಿಯಾಗಿದೆ.

ಕ್ರಮ ಕೈಗೊಳ್ಳುವುದಾಗಿ ಹೇಳಿದ್ದಾರೆ. ಆದರೆ, ಕೆಲವೊಂದು ರೆಸಾರ್ಟ್‌ಗಳ ಮಾಲೀಕರು ಕಾನೂನಿನ ಅನುಮತಿ ಪಡೆದಿರುವುದಾಗಿ ಹೇಳಿದ್ದಾರೆ.

ಸರಗೂರು, ಎಚ್.ಡಿ.ಕೋಟೆ ಅರಣ್ಯ ಪ್ರದೇಶದ ಸಮೀಪ ಇರುವ ಈ ರೆಸಾರ್ಟ್‌ಗಳ ವಿರುದ್ಧ ಕ್ರಮ ಕೈಗೊಳ್ಳಲಾಗುವುದು.

ಜಿಲ್ಲಾಡಳಿತ ಈಗಾಗಲೇ ಸಮೀಕ್ಷೆ ನಡೆಸಿದ್ದು 25 ರೆಸಾರ್ಟ್‌ಗಳು ಅಕ್ರಮ ಎಂಬುದಾಗಿ ಗುರುತಿಸಿದೆ. ಉಳಿದ ರೆಸಾರ್ಟ್‌ಗಳ ಬಗ್ಗೆ ಪರಿಶೀಲನೆ ನಡೆಯುತ್ತಿದೆ ಎಂದು ತಿಳಿಸಿದ್ದಾರೆ.

ಪರಿಸರ ಸಂರಕ್ಷಣೆಗೆ ಹಾನಿಯಾಗದಂತೆ ಕ್ರಮ ವಹಿಸಬೇಕು ಎಂದು ಪರಿಸರ ಪ್ರೇಮಿಗಳು ಒತ್ತಾಯಿಸಿದ್ದಾರೆ.

ವಕೀಲ ವಿ.ರವಿಕುಮಾರ್ ಮಾತನಾಡಿ, ಅರಣ್ಯ ಕಾಯ್ದೆ ಉಲ್ಲಂಘನೆಯಾಗಿದ್ದು ಕಠಿಣ ಕಾನೂನು ಕ್ರಮ ಕೈಗೊಳ್ಳಬೇಕು ಎಂದು ಒತ್ತಾಯಿಸಿದ್ದಾರೆ.

ಜಿಲ್ಲಾಧಿಕಾರಿಗಳು ಈ ಬಗ್ಗೆ ವಿಸ್ತೃತ ವರದಿ ಸಲ್ಲಿಸುವಂತೆ ತಹಶೀಲ್ದಾರರಿಗೆ ಸೂಚನೆ ನೀಡಿದ್ದಾರೆ. ವರದಿ ಬಂದ ನಂತರ ಮುಂದಿನ ಕ್ರಮ ಕೈಗೊಳ್ಳಲಾಗುವುದು ಎಂದು ತಿಳಿಸಿದ್ದಾರೆ.

ಈಗಾಗಲೇ ಹಲವು ರೆಸಾರ್ಟ್‌ಗಳಿಗೆ ನೋಟಿಸ್ ಜಾರಿ ಮಾಡಲಾಗಿದೆ. ಉತ್ತರ ಬರದಿದ್ದರೆ ನೆಲಸಮ ಮಾಡಲಾಗುವುದು ಎಂದು ಎಚ್ಚರಿಕೆ ನೀಡಿದ್ದಾರೆ.
